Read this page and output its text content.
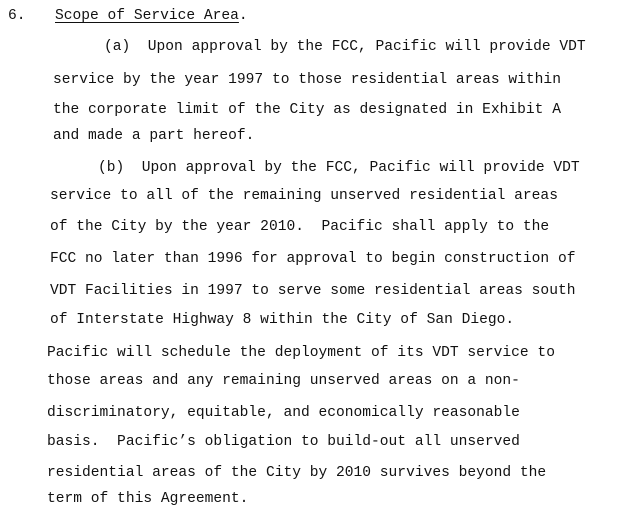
6. Scope of Service Area.
(a)  Upon approval by the FCC, Pacific will provide VDT
service by the year 1997 to those residential areas within
the corporate limit of the City as designated in Exhibit A
and made a part hereof.
(b)  Upon approval by the FCC, Pacific will provide VDT
service to all of the remaining unserved residential areas
of the City by the year 2010.  Pacific shall apply to the
FCC no later than 1996 for approval to begin construction of
VDT Facilities in 1997 to serve some residential areas south
of Interstate Highway 8 within the City of San Diego.
Pacific will schedule the deployment of its VDT service to
those areas and any remaining unserved areas on a non-
discriminatory, equitable, and economically reasonable
basis.  Pacific’s obligation to build-out all unserved
residential areas of the City by 2010 survives beyond the
term of this Agreement.
